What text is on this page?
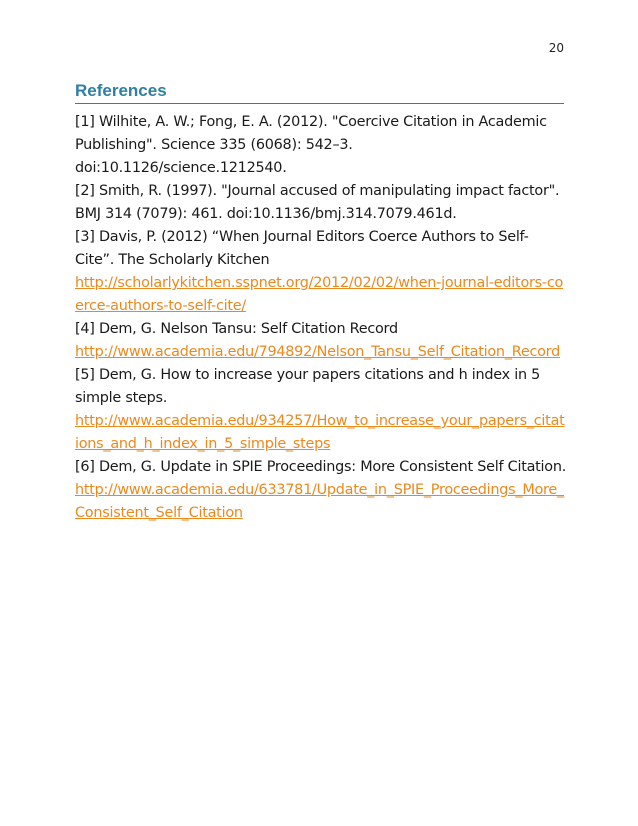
20
References
[1] Wilhite, A. W.; Fong, E. A. (2012). "Coercive Citation in Academic Publishing". Science 335 (6068): 542–3. doi:10.1126/science.1212540.
[2] Smith, R. (1997). "Journal accused of manipulating impact factor". BMJ 314 (7079): 461. doi:10.1136/bmj.314.7079.461d.
[3] Davis, P. (2012) “When Journal Editors Coerce Authors to Self-Cite”. The Scholarly Kitchen
http://scholarlykitchen.sspnet.org/2012/02/02/when-journal-editors-coerce-authors-to-self-cite/
[4] Dem, G. Nelson Tansu: Self Citation Record
http://www.academia.edu/794892/Nelson_Tansu_Self_Citation_Record
[5] Dem, G. How to increase your papers citations and h index in 5 simple steps.
http://www.academia.edu/934257/How_to_increase_your_papers_citations_and_h_index_in_5_simple_steps
[6] Dem, G. Update in SPIE Proceedings: More Consistent Self Citation.
http://www.academia.edu/633781/Update_in_SPIE_Proceedings_More_Consistent_Self_Citation
